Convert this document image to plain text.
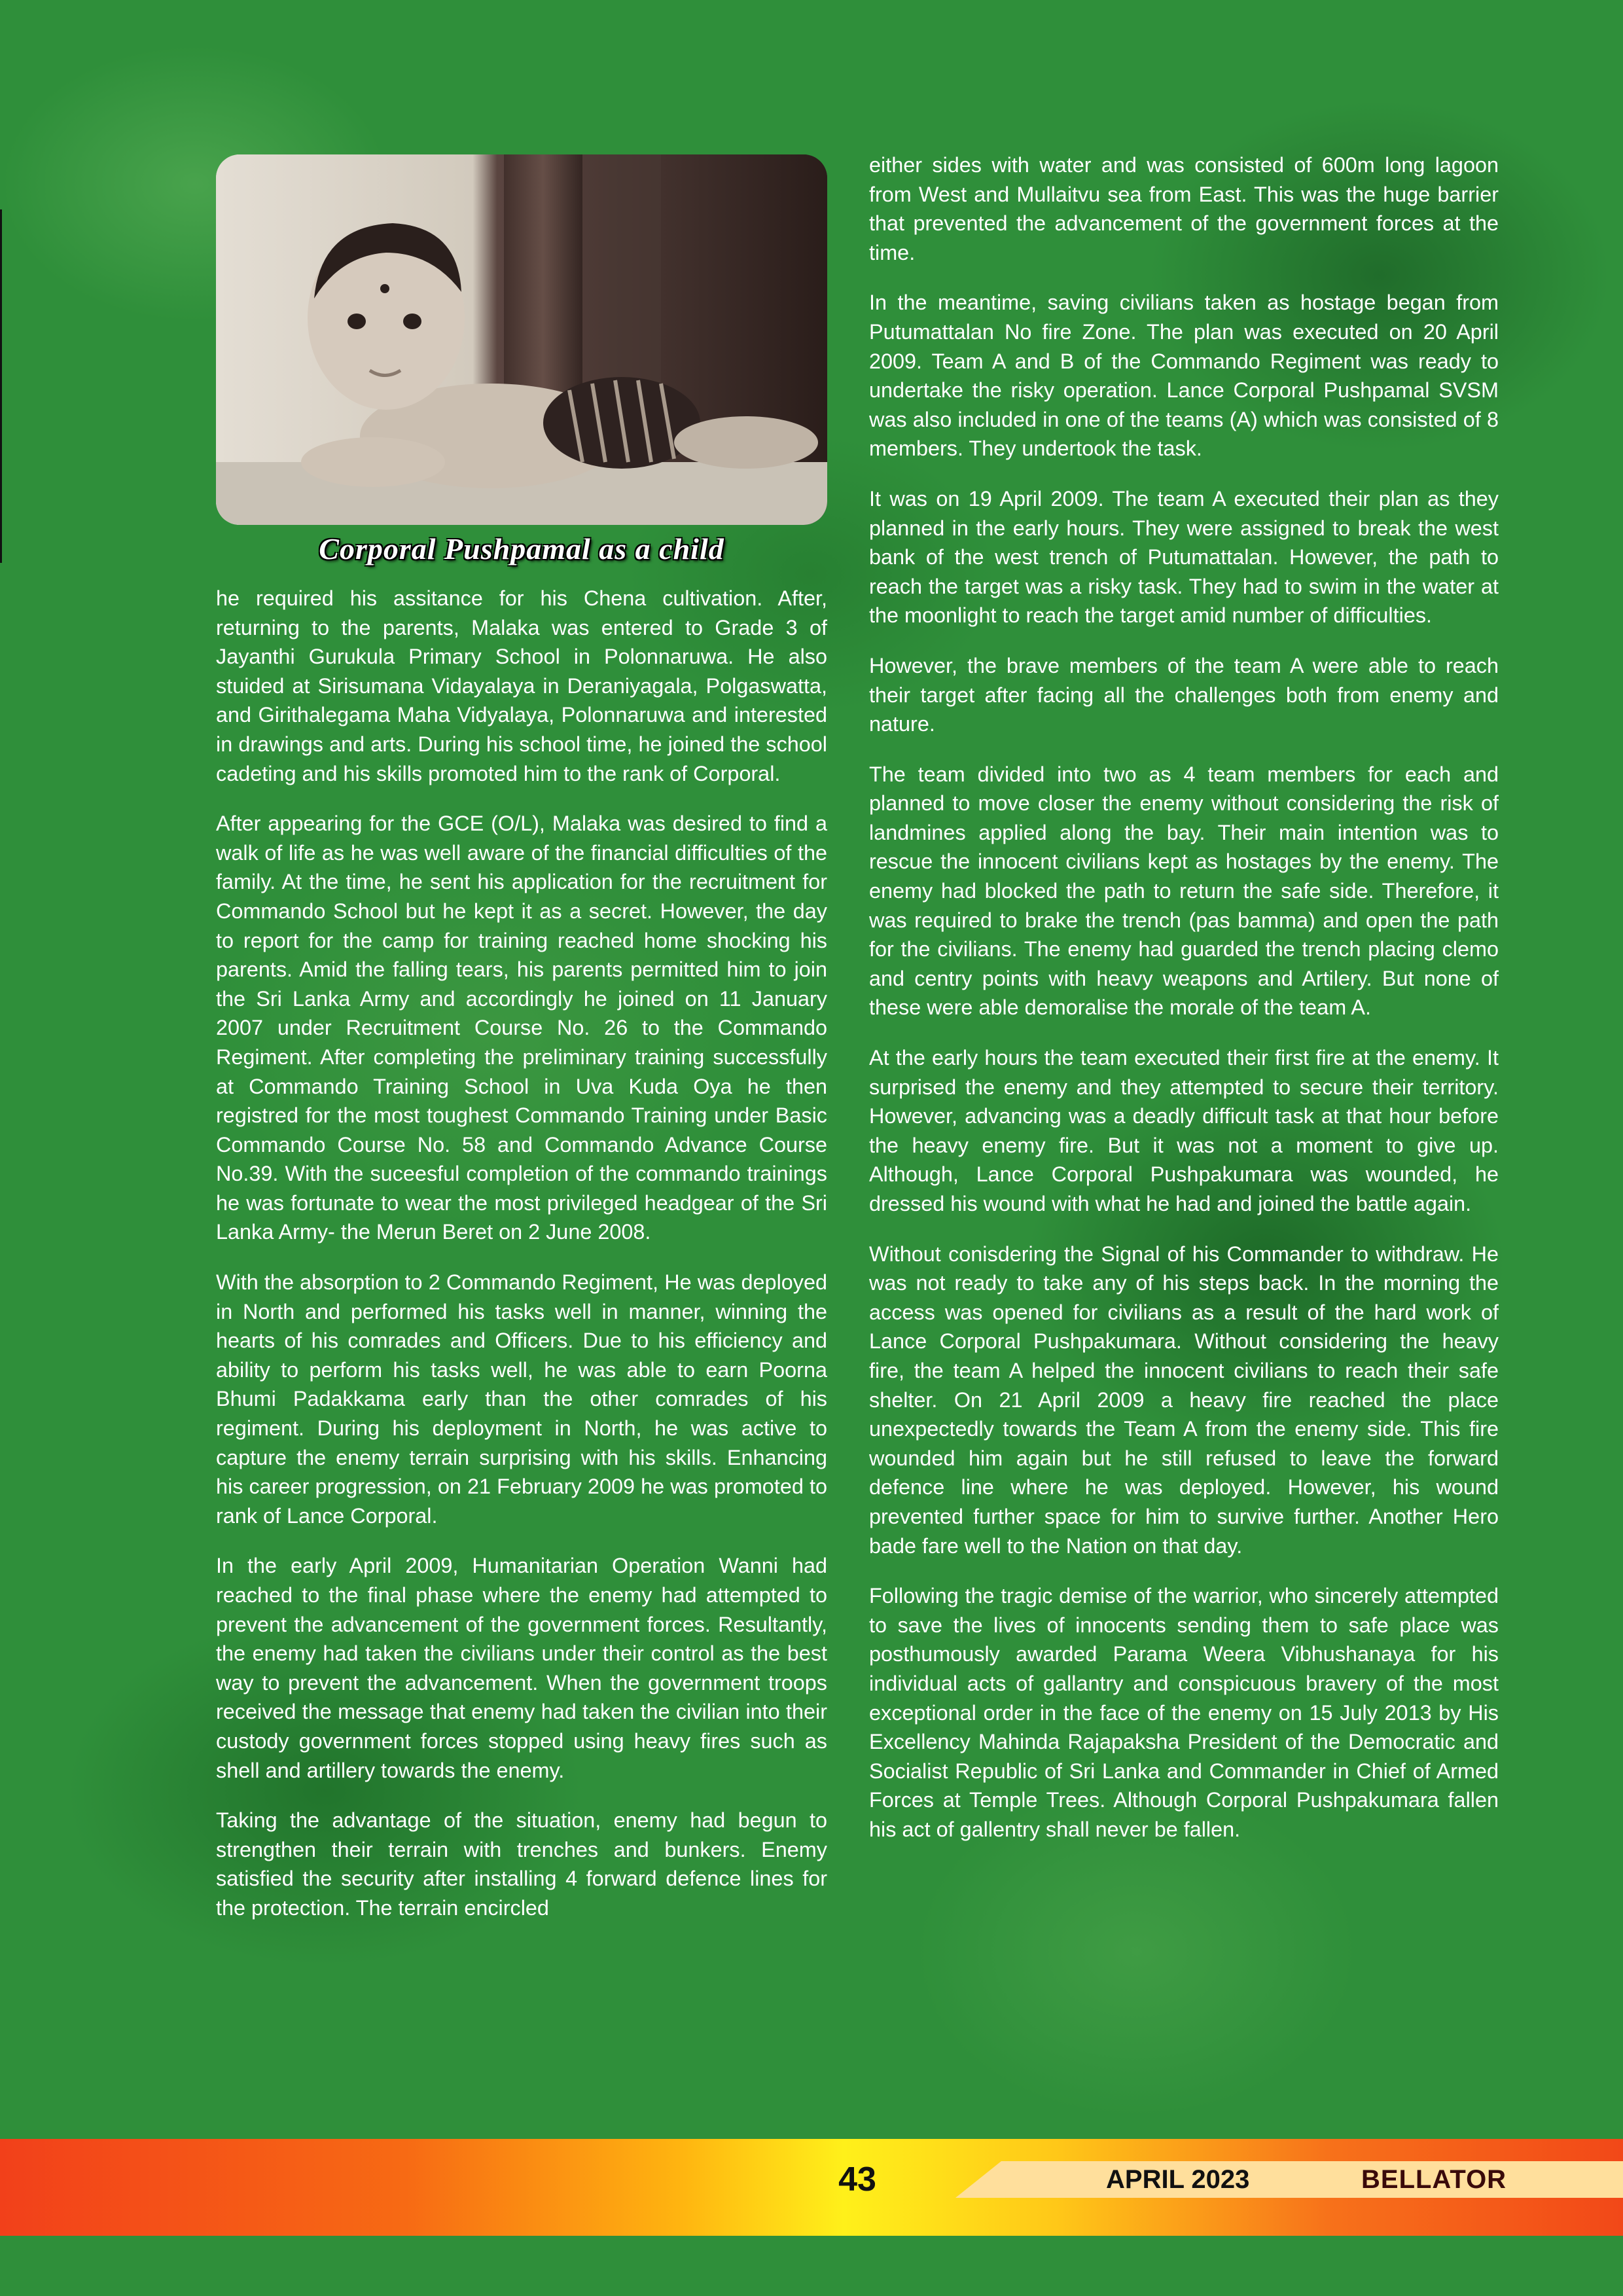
Corporal Pushpamal as a child

he required his assitance for his Chena cultivation. After, returning to the parents, Malaka was entered to Grade 3 of Jayanthi Gurukula Primary School in Polonnaruwa. He also stuided at Sirisumana Vidayalaya in Deraniyagala, Polgaswatta, and Girithalegama Maha Vidyalaya, Polonnaruwa and interested in drawings and arts. During his school time, he joined the school cadeting and his skills promoted him to the rank of Corporal.

After appearing for the GCE (O/L), Malaka was desired to find a walk of life as he was well aware of the financial difficulties of the family. At the time, he sent his application for the recruitment for Commando School but he kept it as a secret. However, the day to report for the camp for training reached home shocking his parents. Amid the falling tears, his parents permitted him to join the Sri Lanka Army and accordingly he joined on 11 January 2007 under Recruitment Course No. 26 to the Commando Regiment. After completing the preliminary training successfully at Commando Training School in Uva Kuda Oya he then registred for the most toughest Commando Training under Basic Commando Course No. 58 and Commando Advance Course No.39. With the suceesful completion of the commando trainings he was fortunate to wear the most privileged headgear of the Sri Lanka Army- the Merun Beret on 2 June 2008.

With the absorption to 2 Commando Regiment, He was deployed in North and performed his tasks well in manner, winning the hearts of his comrades and Officers. Due to his efficiency and ability to perform his tasks well, he was able to earn Poorna Bhumi Padakkama early than the other comrades of his regiment. During his deployment in North, he was active to capture the enemy terrain surprising with his skills. Enhancing his career progression, on 21 February 2009 he was promoted to rank of Lance Corporal.

In the early April 2009, Humanitarian Operation Wanni had reached to the final phase where the enemy had attempted to prevent the advancement of the government forces. Resultantly, the enemy had taken the civilians under their control as the best way to prevent the advancement. When the government troops received the message that enemy had taken the civilian into their custody government forces stopped using heavy fires such as shell and artillery towards the enemy.

Taking the advantage of the situation, enemy had begun to strengthen their terrain with trenches and bunkers. Enemy satisfied the security after installing 4 forward defence lines for the protection. The terrain encircled

either sides with water and was consisted of 600m long lagoon from West and Mullaitvu sea from East. This was the huge barrier that prevented the advancement of the government forces at the time.

In the meantime, saving civilians taken as hostage began from Putumattalan No fire Zone. The plan was executed on 20 April 2009. Team A and B of the Commando Regiment was ready to undertake the risky operation. Lance Corporal Pushpamal SVSM was also included in one of the teams (A) which was consisted of 8 members. They undertook the task.

It was on 19 April 2009. The team A executed their plan as they planned in the early hours. They were assigned to break the west bank of the west trench of Putumattalan. However, the path to reach the target was a risky task. They had to swim in the water at the moonlight to reach the target amid number of difficulties.

However, the brave members of the team A were able to reach their target after facing all the challenges both from enemy and nature.

The team divided into two as 4 team members for each and planned to move closer the enemy without considering the risk of landmines applied along the bay. Their main intention was to rescue the innocent civilians kept as hostages by the enemy. The enemy had blocked the path to return the safe side. Therefore, it was required to brake the trench (pas bamma) and open the path for the civilians. The enemy had guarded the trench placing clemo and centry points with heavy weapons and Artilery. But none of these were able demoralise the morale of the team A.

At the early hours the team executed their first fire at the enemy. It surprised the enemy and they attempted to secure their territory. However, advancing was a deadly difficult task at that hour before the heavy enemy fire. But it was not a moment to give up. Although, Lance Corporal Pushpakumara was wounded, he dressed his wound with what he had and joined the battle again.

Without conisdering the Signal of his Commander to withdraw. He was not ready to take any of his steps back. In the morning the access was opened for civilians as a result of the hard work of Lance Corporal Pushpakumara. Without considering the heavy fire, the team A helped the innocent civilians to reach their safe shelter. On 21 April 2009 a heavy fire reached the place unexpectedly towards the Team A from the enemy side. This fire wounded him again but he still refused to leave the forward defence line where he was deployed. However, his wound prevented further space for him to survive further. Another Hero bade fare well to the Nation on that day.

Following the tragic demise of the warrior, who sincerely attempted to save the lives of innocents sending them to safe place was posthumously awarded Parama Weera Vibhushanaya for his individual acts of gallantry and conspicuous bravery of the most exceptional order in the face of the enemy on 15 July 2013 by His Excellency Mahinda Rajapaksha President of the Democratic and Socialist Republic of Sri Lanka and Commander in Chief of Armed Forces at Temple Trees. Although Corporal Pushpakumara fallen his act of gallentry shall never be fallen.

43	APRIL 2023	BELLATOR
